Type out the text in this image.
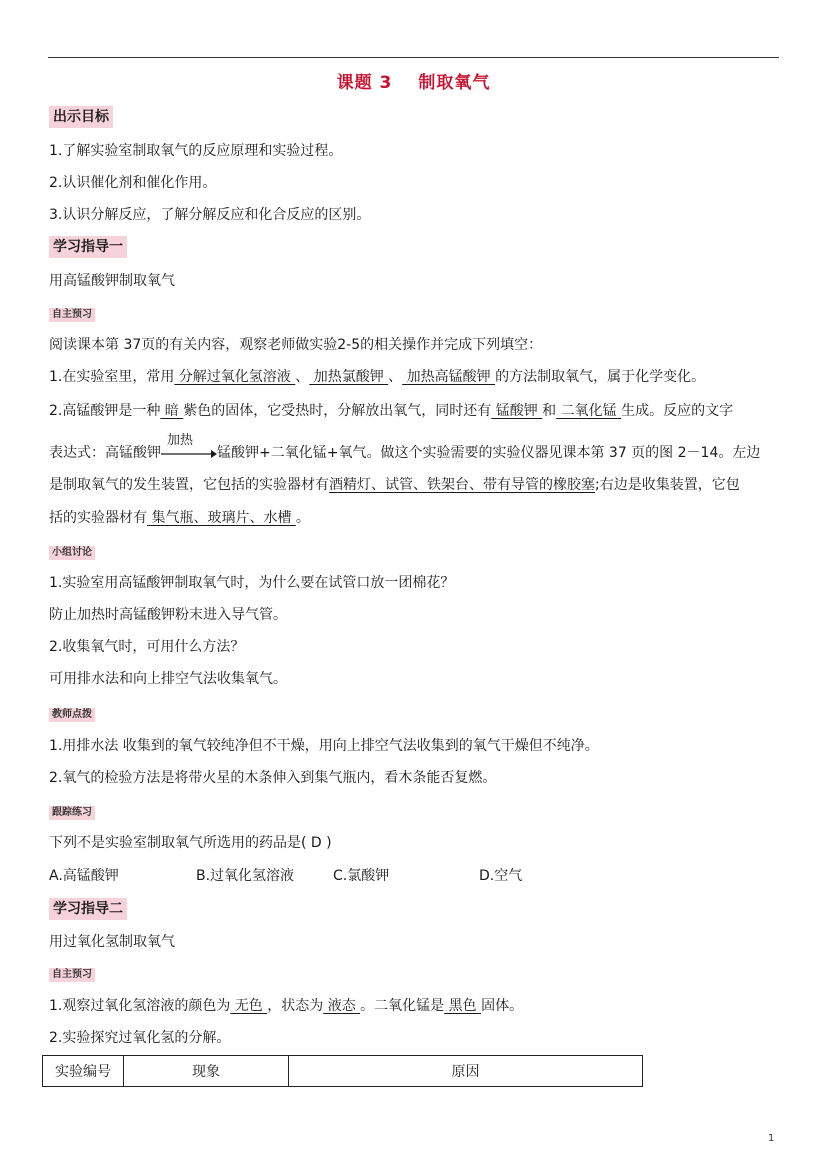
课题 3 制取氧气
出示目标
1.了解实验室制取氧气的反应原理和实验过程。
2.认识催化剂和催化作用。
3.认识分解反应，了解分解反应和化合反应的区别。
学习指导一
用高锰酸钾制取氧气
自主预习
阅读课本第 37页的有关内容，观察老师做实验2-5的相关操作并完成下列填空：
1.在实验室里，常用 分解过氧化氢溶液 、 加热氯酸钾 、 加热高锰酸钾 的方法制取氧气，属于化学变化。
2.高锰酸钾是一种 暗 紫色的固体，它受热时，分解放出氧气，同时还有 锰酸钾 和 二氧化锰 生成。反应的文字
表达式：高锰酸钾
加热
锰酸钾+二氧化锰+氧气。做这个实验需要的实验仪器见课本第 37 页的图 2－14。左边
是制取氧气的发生装置，它包括的实验器材有酒精灯、试管、铁架台、带有导管的橡胶塞;右边是收集装置，它包
括的实验器材有 集气瓶、玻璃片、水槽 。
小组讨论
1.实验室用高锰酸钾制取氧气时，为什么要在试管口放一团棉花？
防止加热时高锰酸钾粉末进入导气管。
2.收集氧气时，可用什么方法？
可用排水法和向上排空气法收集氧气。
教师点拨
1.用排水法 收集到的氧气较纯净但不干燥，用向上排空气法收集到的氧气干燥但不纯净。
2.氧气的检验方法是将带火星的木条伸入到集气瓶内，看木条能否复燃。
跟踪练习
下列不是实验室制取氧气所选用的药品是( D )
A.高锰酸钾	B.过氧化氢溶液	C.氯酸钾	D.空气
学习指导二
用过氧化氢制取氧气
自主预习
1.观察过氧化氢溶液的颜色为 无色 ，状态为 液态 。二氧化锰是 黑色 固体。
2.实验探究过氧化氢的分解。
实验编号	现象	原因
1
